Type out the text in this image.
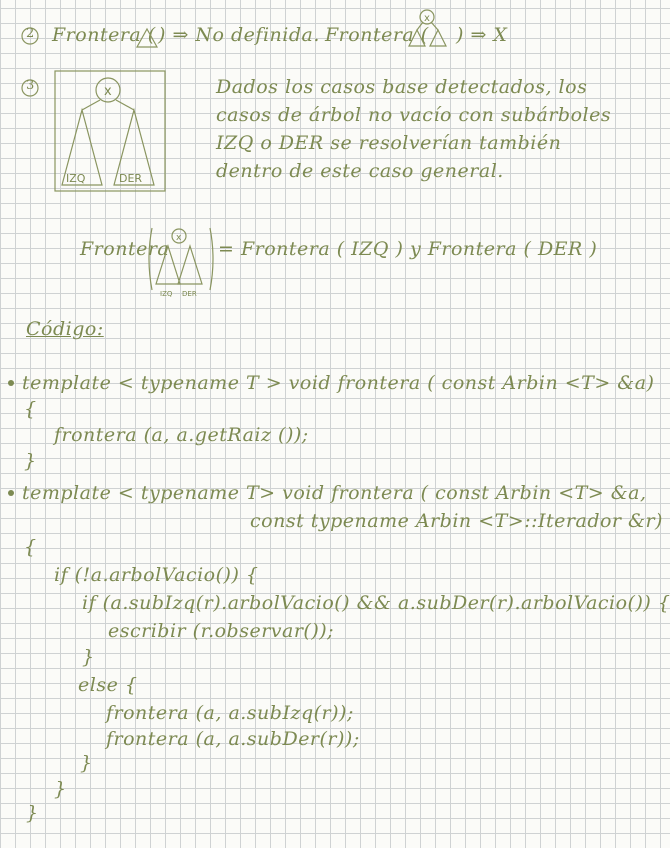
2 Frontera ( ) ⇒ No definida. Frontera (
x
) ⇒ X
3	x
IZQ	DER
Dados los casos base detectados, los
casos de árbol no vacío con subárboles
IZQ o DER se resolverían también
dentro de este caso general.
Frontera x
IZQ DER
= Frontera ( IZQ ) y Frontera ( DER )
Código:
template < typename T > void frontera ( const Arbin <T> &a)
{
frontera (a, a.getRaiz ());
}
template < typename T> void frontera ( const Arbin <T> &a,
const typename Arbin <T>::Iterador &r)
{
if (!a.arbolVacio()) {
if (a.subIzq(r).arbolVacio() && a.subDer(r).arbolVacio()) {
escribir (r.observar());
}
else {
frontera (a, a.subIzq(r));
frontera (a, a.subDer(r));
}
}
}
